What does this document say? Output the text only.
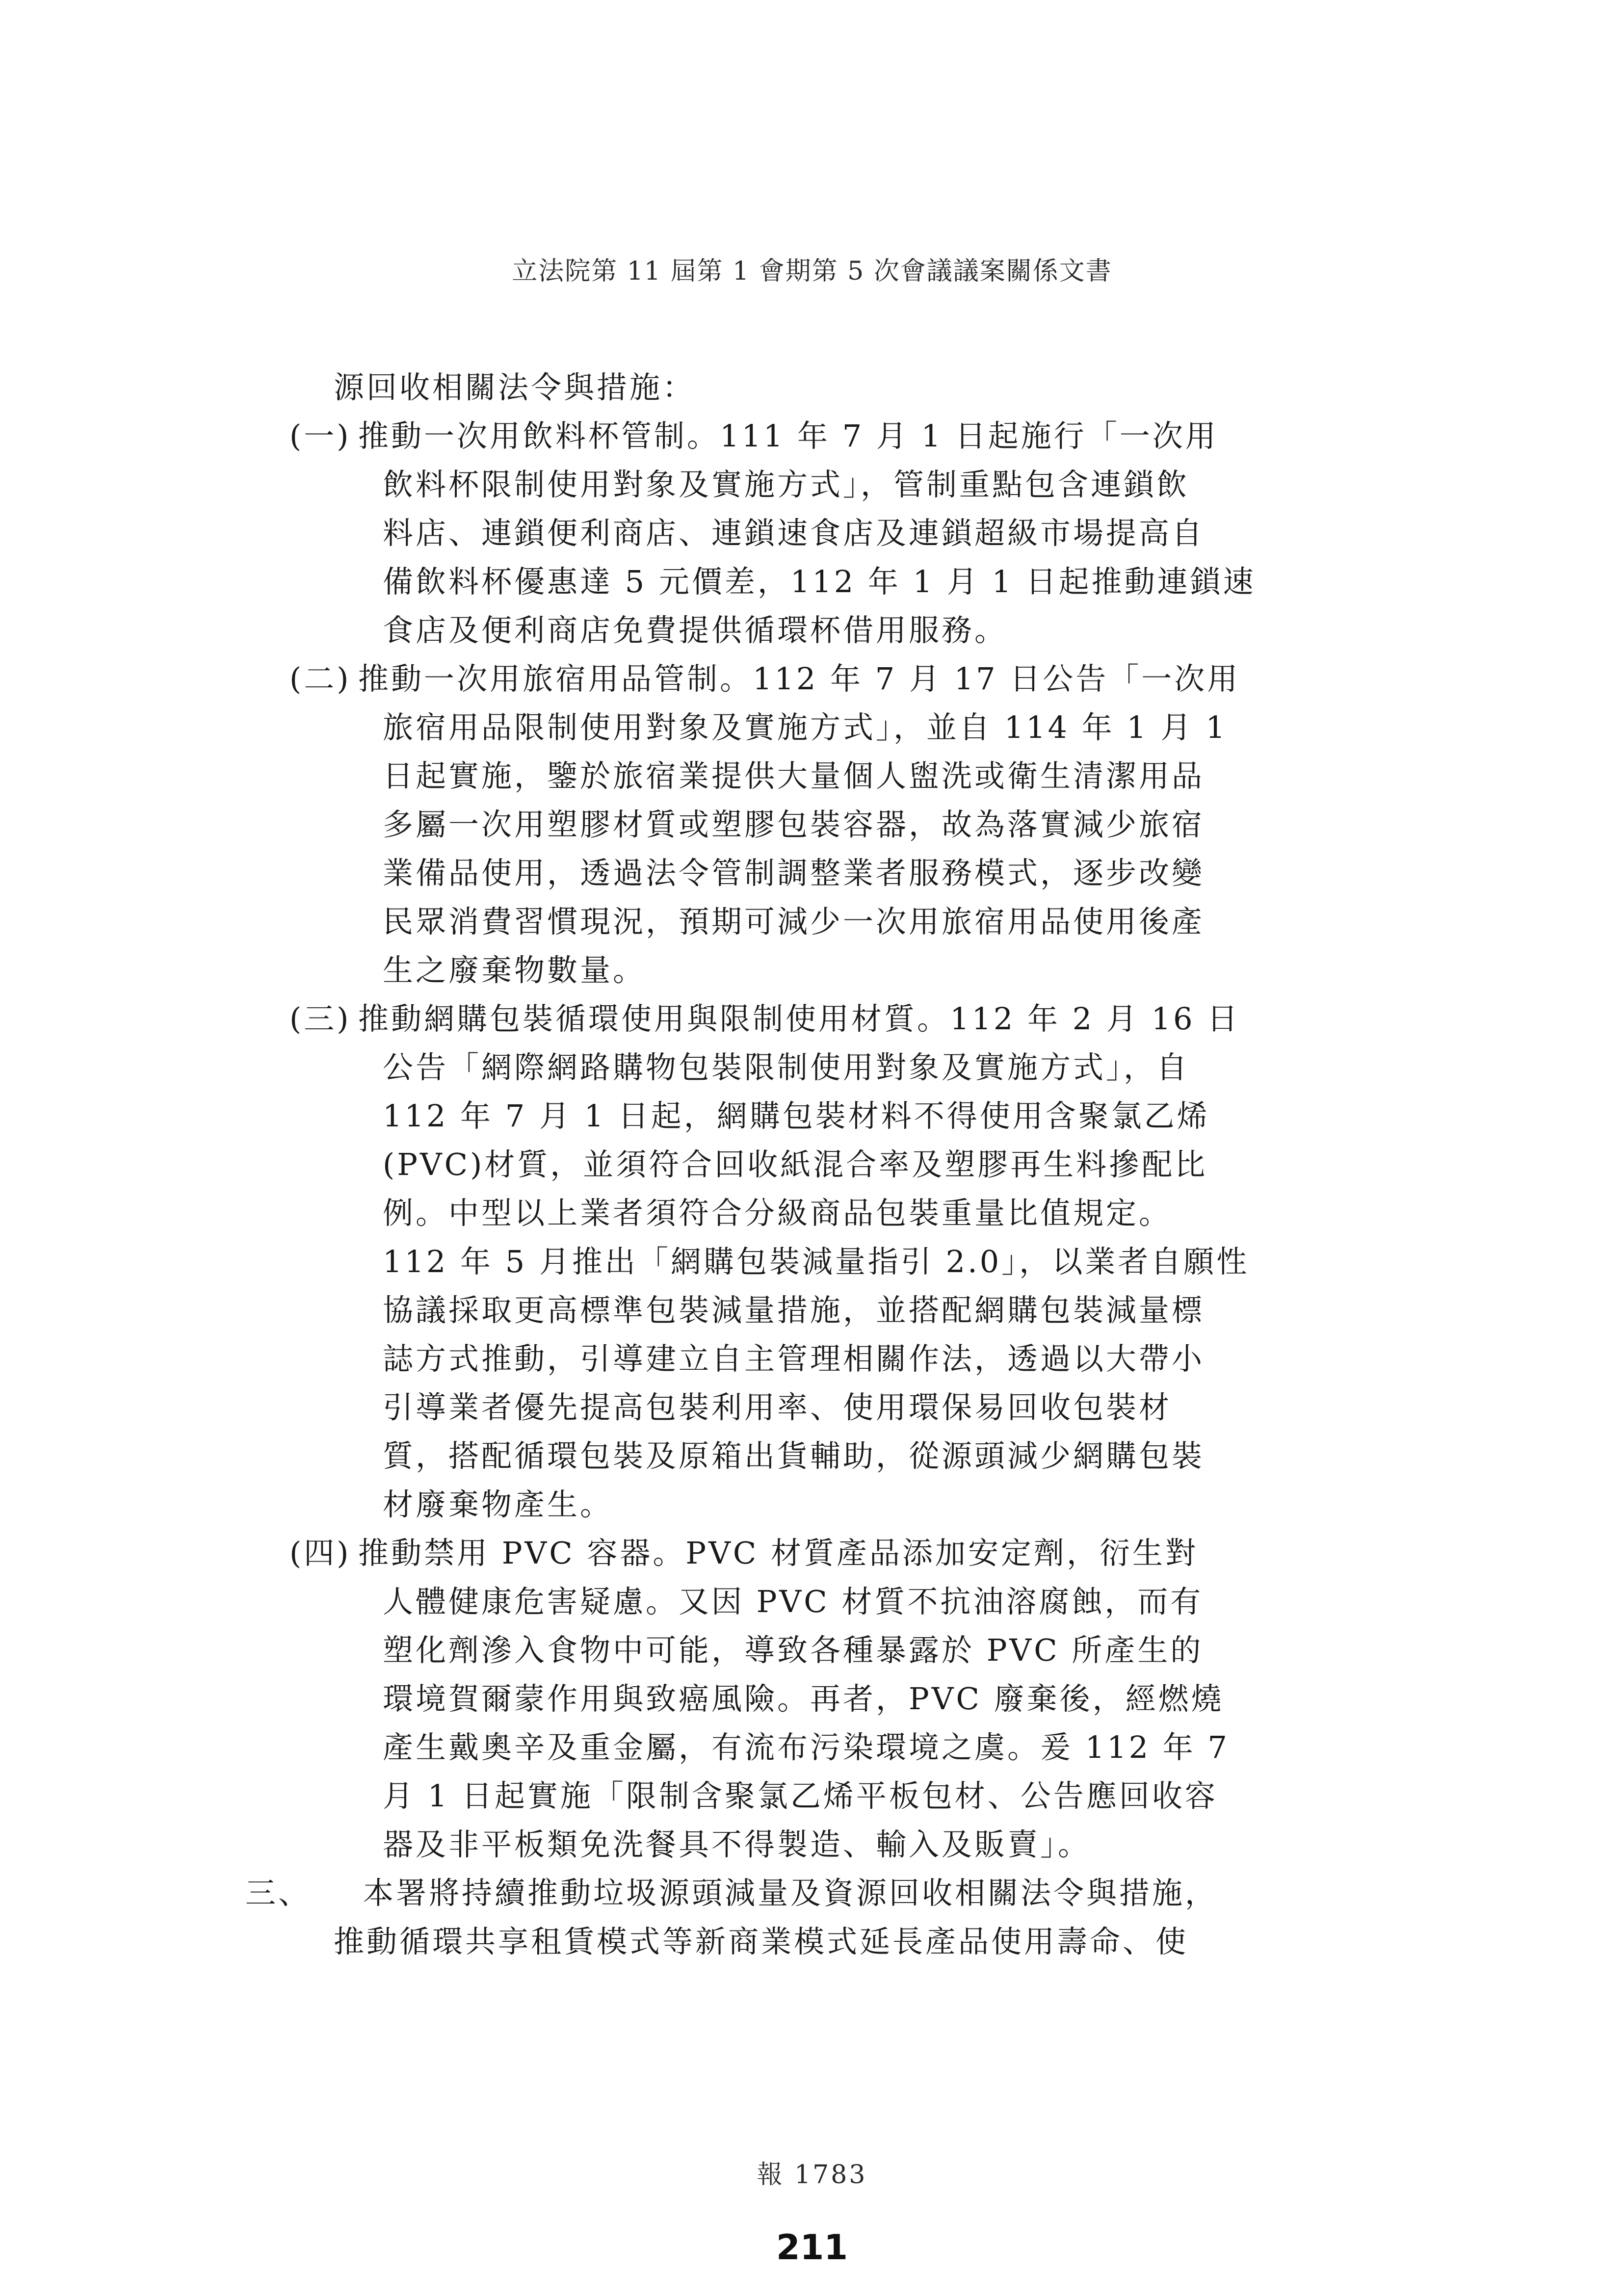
立法院第 11 屆第 1 會期第 5 次會議議案關係文書
源回收相關法令與措施：
(一) 推動一次用飲料杯管制。111 年 7 月 1 日起施行「一次用
飲料杯限制使用對象及實施方式」，管制重點包含連鎖飲
料店、連鎖便利商店、連鎖速食店及連鎖超級市場提高自
備飲料杯優惠達 5 元價差，112 年 1 月 1 日起推動連鎖速
食店及便利商店免費提供循環杯借用服務。
(二) 推動一次用旅宿用品管制。112 年 7 月 17 日公告「一次用
旅宿用品限制使用對象及實施方式」，並自 114 年 1 月 1
日起實施，鑒於旅宿業提供大量個人盥洗或衛生清潔用品
多屬一次用塑膠材質或塑膠包裝容器，故為落實減少旅宿
業備品使用，透過法令管制調整業者服務模式，逐步改變
民眾消費習慣現況，預期可減少一次用旅宿用品使用後產
生之廢棄物數量。
(三) 推動網購包裝循環使用與限制使用材質。112 年 2 月 16 日
公告「網際網路購物包裝限制使用對象及實施方式」，自
112 年 7 月 1 日起，網購包裝材料不得使用含聚氯乙烯
(PVC)材質，並須符合回收紙混合率及塑膠再生料摻配比
例。中型以上業者須符合分級商品包裝重量比值規定。
112 年 5 月推出「網購包裝減量指引 2.0」，以業者自願性
協議採取更高標準包裝減量措施，並搭配網購包裝減量標
誌方式推動，引導建立自主管理相關作法，透過以大帶小
引導業者優先提高包裝利用率、使用環保易回收包裝材
質，搭配循環包裝及原箱出貨輔助，從源頭減少網購包裝
材廢棄物產生。
(四) 推動禁用 PVC 容器。PVC 材質產品添加安定劑，衍生對
人體健康危害疑慮。又因 PVC 材質不抗油溶腐蝕，而有
塑化劑滲入食物中可能，導致各種暴露於 PVC 所產生的
環境賀爾蒙作用與致癌風險。再者，PVC 廢棄後，經燃燒
產生戴奧辛及重金屬，有流布污染環境之虞。爰 112 年 7
月 1 日起實施「限制含聚氯乙烯平板包材、公告應回收容
器及非平板類免洗餐具不得製造、輸入及販賣」。
三、 本署將持續推動垃圾源頭減量及資源回收相關法令與措施，
推動循環共享租賃模式等新商業模式延長產品使用壽命、使
報 1783
211
